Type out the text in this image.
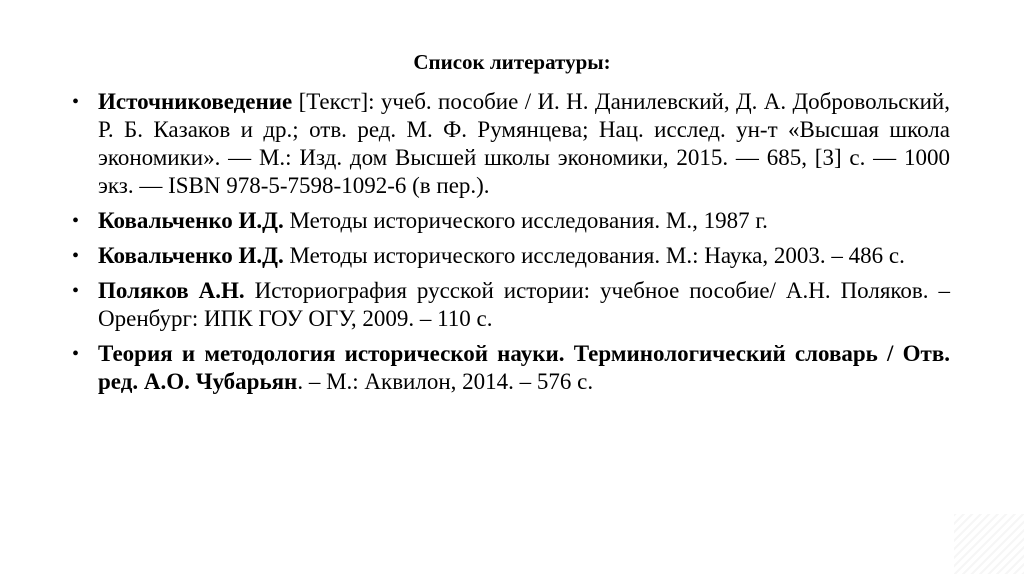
Список литературы:
• Источниковедение [Текст]: учеб. пособие / И. Н. Данилевский, Д. А. Добровольский, Р. Б. Казаков и др.; отв. ред. М. Ф. Румянцева; Нац. исслед. ун-т «Высшая школа экономики». — М.: Изд. дом Высшей школы экономики, 2015. — 685, [3] с. — 1000 экз. — ISBN 978-5-7598-1092-6 (в пер.).
• Ковальченко И.Д. Методы исторического исследования. М., 1987 г.
• Ковальченко И.Д. Методы исторического исследования. М.: Наука, 2003. – 486 с.
• Поляков А.Н. Историография русской истории: учебное пособие/ А.Н. Поляков. – Оренбург: ИПК ГОУ ОГУ, 2009. – 110 с.
• Теория и методология исторической науки. Терминологический словарь / Отв. ред. А.О. Чубарьян. – М.: Аквилон, 2014. – 576 с.
